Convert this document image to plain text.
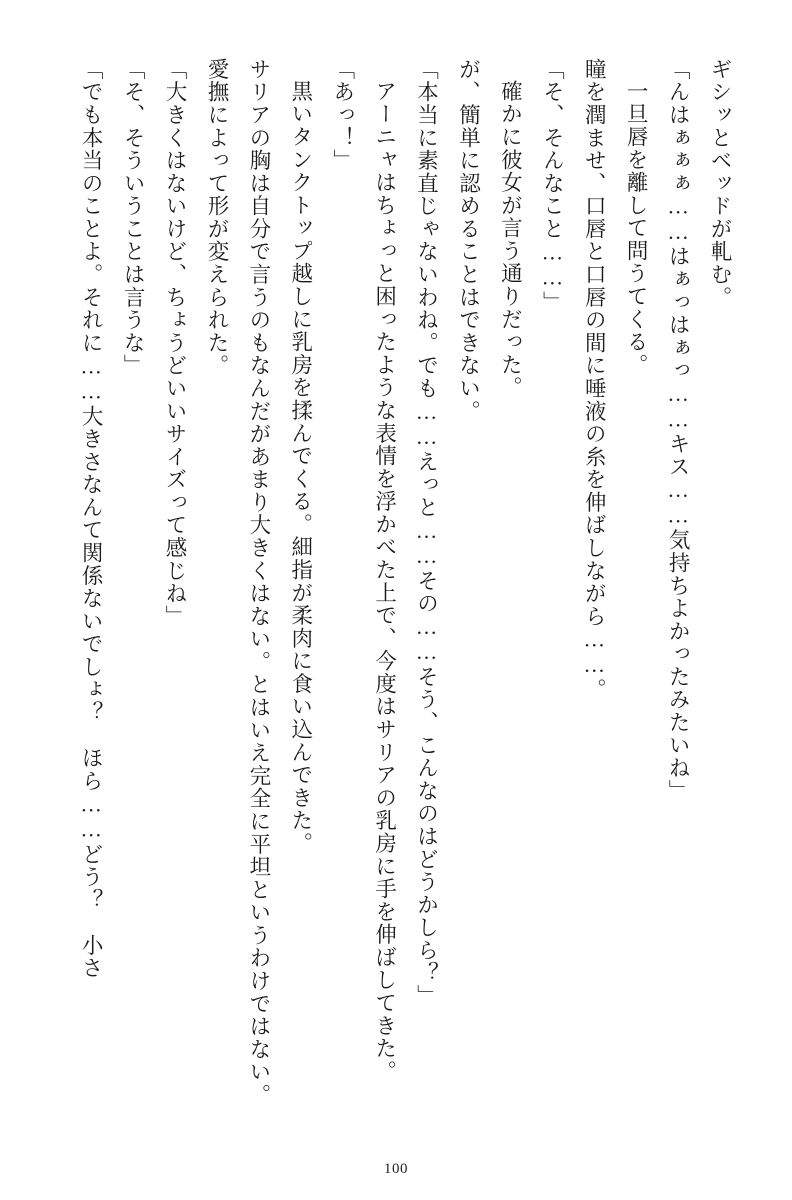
ギシッとベッドが軋む。

「んはぁぁぁ……はぁっはぁっ……キス……気持ちよかったみたいね」

一旦唇を離して問うてくる。

瞳を潤ませ、口唇と口唇の間に唾液の糸を伸ばしながら……。

「そ、そんなこと……」

確かに彼女が言う通りだった。

が、簡単に認めることはできない。

「本当に素直じゃないわね。でも……えっと……その……そう、こんなのはどうかしら？」

アーニャはちょっと困ったような表情を浮かべた上で、今度はサリアの乳房に手を伸ばしてきた。

「あっ！」

黒いタンクトップ越しに乳房を揉んでくる。細指が柔肉に食い込んできた。

サリアの胸は自分で言うのもなんだがあまり大きくはない。とはいえ完全に平坦というわけではない。愛撫によって形が変えられた。

「大きくはないけど、ちょうどいいサイズって感じね」

「そ、そういうことは言うな」

「でも本当のことよ。それに……大きさなんて関係ないでしょ？　ほら……どう？　小さ

100
